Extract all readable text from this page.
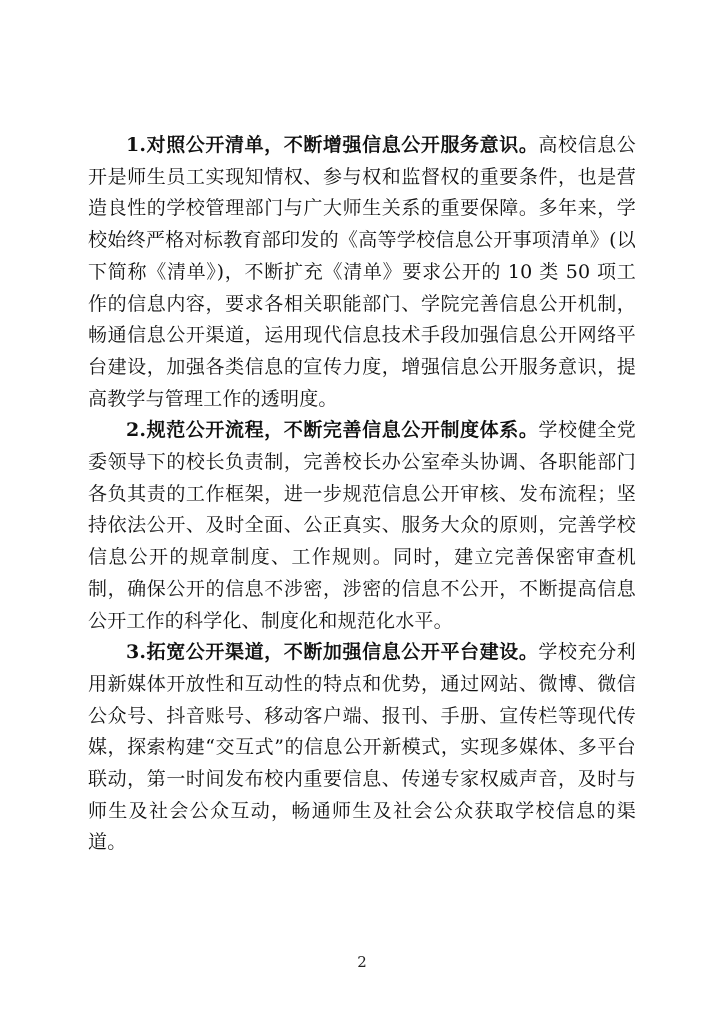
1.对照公开清单，不断增强信息公开服务意识。高校信息公开是师生员工实现知情权、参与权和监督权的重要条件，也是营造良性的学校管理部门与广大师生关系的重要保障。多年来，学校始终严格对标教育部印发的《高等学校信息公开事项清单》(以下简称《清单》)，不断扩充《清单》要求公开的 10 类 50 项工作的信息内容，要求各相关职能部门、学院完善信息公开机制，畅通信息公开渠道，运用现代信息技术手段加强信息公开网络平台建设，加强各类信息的宣传力度，增强信息公开服务意识，提高教学与管理工作的透明度。

2.规范公开流程，不断完善信息公开制度体系。学校健全党委领导下的校长负责制，完善校长办公室牵头协调、各职能部门各负其责的工作框架，进一步规范信息公开审核、发布流程；坚持依法公开、及时全面、公正真实、服务大众的原则，完善学校信息公开的规章制度、工作规则。同时，建立完善保密审查机制，确保公开的信息不涉密，涉密的信息不公开，不断提高信息公开工作的科学化、制度化和规范化水平。

3.拓宽公开渠道，不断加强信息公开平台建设。学校充分利用新媒体开放性和互动性的特点和优势，通过网站、微博、微信公众号、抖音账号、移动客户端、报刊、手册、宣传栏等现代传媒，探索构建“交互式”的信息公开新模式，实现多媒体、多平台联动，第一时间发布校内重要信息、传递专家权威声音，及时与师生及社会公众互动，畅通师生及社会公众获取学校信息的渠道。

2
